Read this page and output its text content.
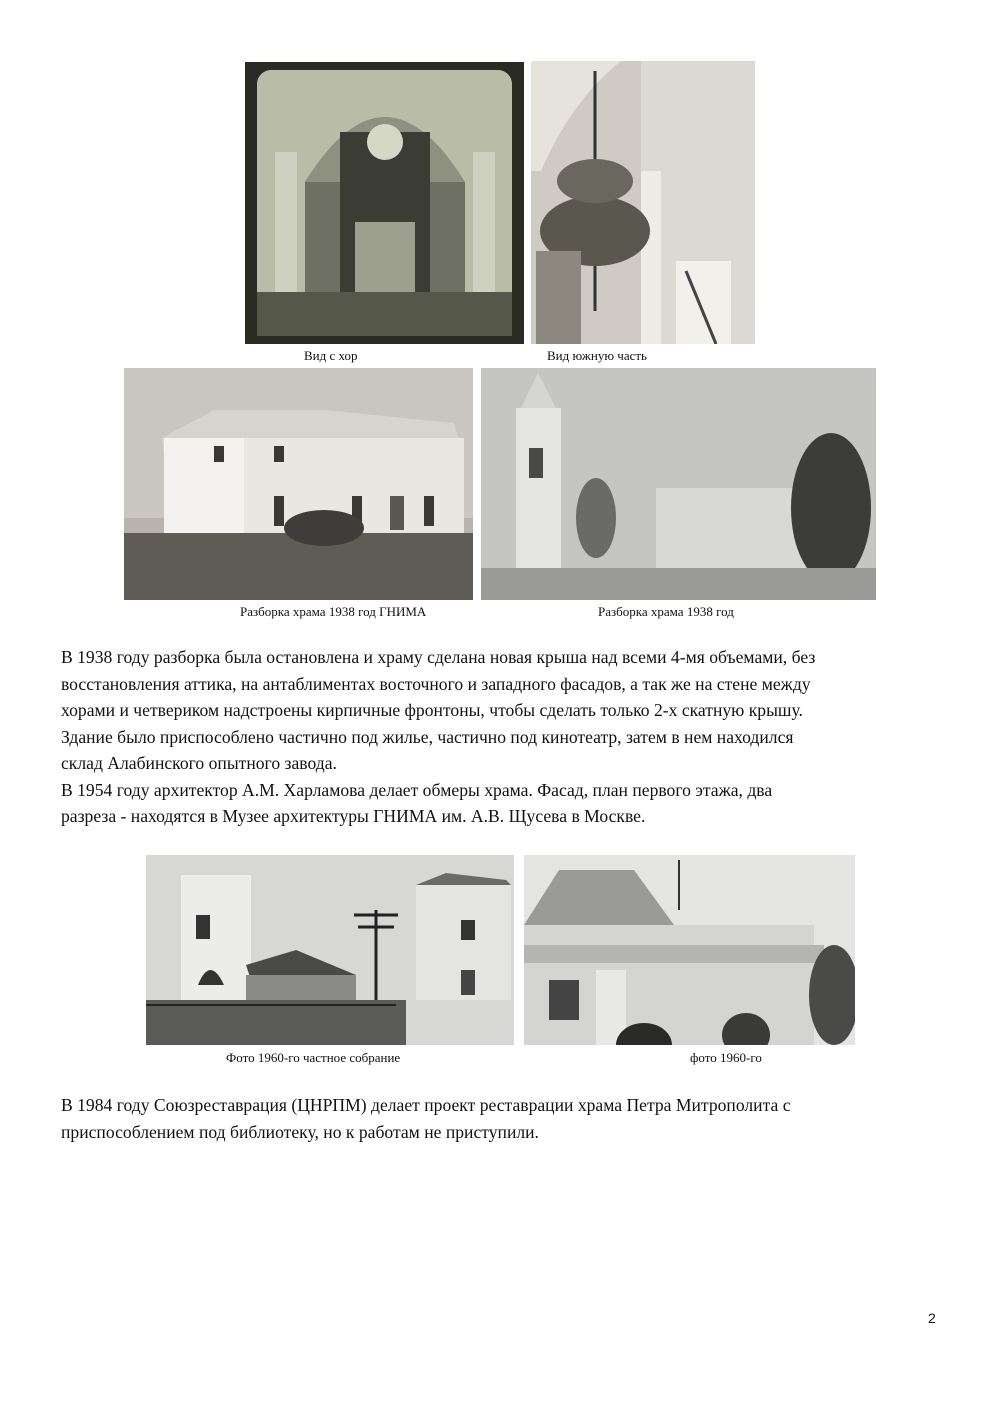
Вид с хор	Вид южную часть
Разборка храма 1938 год ГНИМА	Разборка храма 1938 год
В 1938 году разборка была остановлена и храму сделана новая крыша над всеми 4-мя объемами, без
восстановления аттика, на антаблиментах восточного и западного фасадов, а так же на стене между
хорами и четвериком надстроены кирпичные фронтоны, чтобы сделать только 2-х скатную крышу.
Здание было приспособлено частично под жилье, частично под кинотеатр, затем в нем находился
склад Алабинского опытного завода.
В 1954 году архитектор А.М. Харламова делает обмеры храма. Фасад, план первого этажа, два
разреза - находятся в Музее архитектуры ГНИМА им. А.В. Щусева в Москве.
Фото 1960-го частное собрание	фото 1960-го
В 1984 году Союзреставрация (ЦНРПМ) делает проект реставрации храма Петра Митрополита с
приспособлением под библиотеку, но к работам не приступили.
2
